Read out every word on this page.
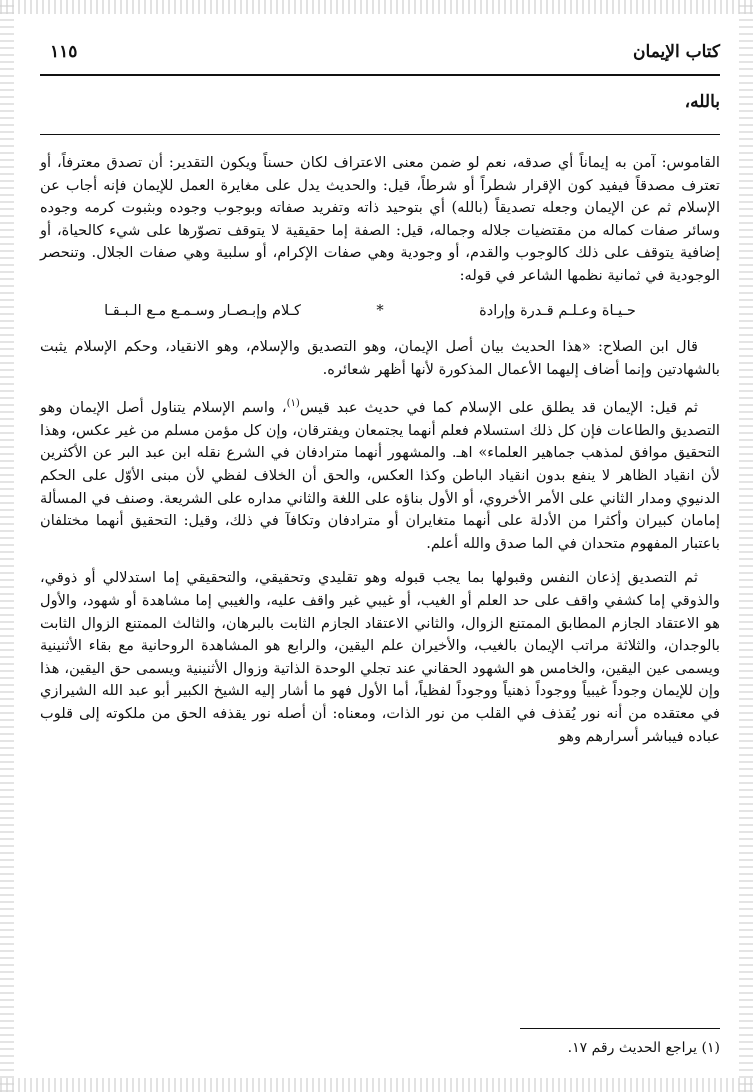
كتاب الإيمان
١١٥
بالله،

القاموس: آمن به إيماناً أي صدقه، نعم لو ضمن معنى الاعتراف لكان حسناً ويكون التقدير: أن تصدق معترفاً، أو تعترف مصدقاً فيفيد كون الإقرار شطراً أو شرطاً، قيل: والحديث يدل على مغايرة العمل للإيمان فإنه أجاب عن الإسلام ثم عن الإيمان وجعله تصديقاً (بالله) أي بتوحيد ذاته وتفريد صفاته وبوجوب وجوده وبثبوت كرمه وجوده وسائر صفات كماله من مقتضيات جلاله وجماله، قيل: الصفة إما حقيقية لا يتوقف تصوّرها على شيء كالحياة، أو إضافية يتوقف على ذلك كالوجوب والقدم، أو وجودية وهي صفات الإكرام، أو سلبية وهي صفات الجلال. وتنحصر الوجودية في ثمانية نظمها الشاعر في قوله:

حـيـاة وعـلـم قـدرة وإرادة
*
كـلام وإبـصـار وسـمـع مـع الـبـقـا

قال ابن الصلاح: «هذا الحديث بيان أصل الإيمان، وهو التصديق والإسلام، وهو الانقياد، وحكم الإسلام يثبت بالشهادتين وإنما أضاف إليهما الأعمال المذكورة لأنها أظهر شعائره.

ثم قيل: الإيمان قد يطلق على الإسلام كما في حديث عبد قيس$^{(١)}$، واسم الإسلام يتناول أصل الإيمان وهو التصديق والطاعات فإن كل ذلك استسلام فعلم أنهما يجتمعان ويفترقان، وإن كل مؤمن مسلم من غير عكس، وهذا التحقيق موافق لمذهب جماهير العلماء» اهـ. والمشهور أنهما مترادفان في الشرع نقله ابن عبد البر عن الأكثرين لأن انقياد الظاهر لا ينفع بدون انقياد الباطن وكذا العكس، والحق أن الخلاف لفظي لأن مبنى الأوّل على الحكم الدنيوي ومدار الثاني على الأمر الأخروي، أو الأول بناؤه على اللغة والثاني مداره على الشريعة. وصنف في المسألة إمامان كبيران وأكثرا من الأدلة على أنهما متغايران أو مترادفان وتكافآ في ذلك، وقيل: التحقيق أنهما مختلفان باعتبار المفهوم متحدان في الما صدق والله أعلم.

ثم التصديق إذعان النفس وقبولها بما يجب قبوله وهو تقليدي وتحقيقي، والتحقيقي إما استدلالي أو ذوقي، والذوقي إما كشفي واقف على حد العلم أو الغيب، أو غيبي غير واقف عليه، والغيبي إما مشاهدة أو شهود، والأول هو الاعتقاد الجازم المطابق الممتنع الزوال، والثاني الاعتقاد الجازم الثابت بالبرهان، والثالث الممتنع الزوال الثابت بالوجدان، والثلاثة مراتب الإيمان بالغيب، والأخيران علم اليقين، والرابع هو المشاهدة الروحانية مع بقاء الأثنينية ويسمى عين اليقين، والخامس هو الشهود الحقاني عند تجلي الوحدة الذاتية وزوال الأثنينية ويسمى حق اليقين، هذا وإن للإيمان وجوداً غيبياً ووجوداً ذهنياً ووجوداً لفظياً، أما الأول فهو ما أشار إليه الشيخ الكبير أبو عبد الله الشيرازي في معتقده من أنه نور يُقذف في القلب من نور الذات، ومعناه: أن أصله نور يقذفه الحق من ملكوته إلى قلوب عباده فيباشر أسرارهم وهو

(١) يراجع الحديث رقم ١٧.
